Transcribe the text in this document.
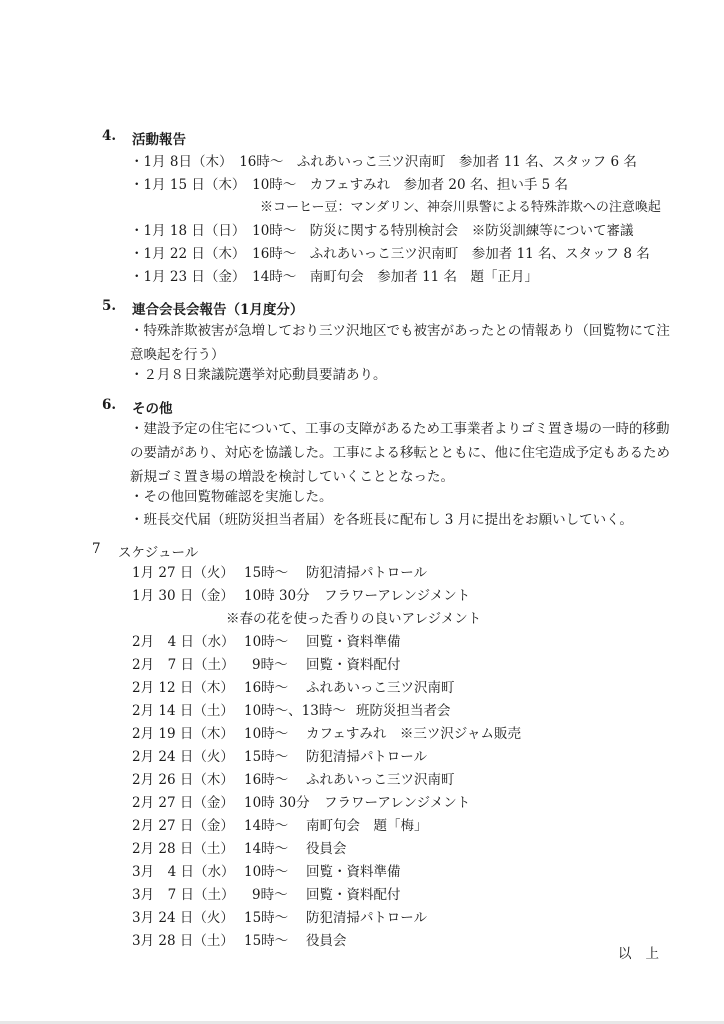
4. 活動報告
・1月 8日（木）　16時～　ふれあいっこ三ツ沢南町　参加者 11 名、スタッフ 6 名
・1月 15 日（木）　10時～　カフェすみれ　参加者 20 名、担い手 5 名
※コーヒー豆：マンダリン、神奈川県警による特殊詐欺への注意喚起
・1月 18 日（日）　10時～　防災に関する特別検討会　※防災訓練等について審議
・1月 22 日（木）　16時～　ふれあいっこ三ツ沢南町　参加者 11 名、スタッフ 8 名
・1月 23 日（金）　14時～　南町句会　参加者 11 名　題「正月」
5. 連合会長会報告（1月度分）
・特殊詐欺被害が急増しており三ツ沢地区でも被害があったとの情報あり（回覧物にて注意喚起を行う）
・２月８日衆議院選挙対応動員要請あり。
6. その他
・建設予定の住宅について、工事の支障があるため工事業者よりゴミ置き場の一時的移動の要請があり、対応を協議した。工事による移転とともに、他に住宅造成予定もあるため新規ゴミ置き場の増設を検討していくこととなった。
・その他回覧物確認を実施した。
・班長交代届（班防災担当者届）を各班長に配布し 3 月に提出をお願いしていく。
7 スケジュール
1月 27 日（火） 15時～ 防犯清掃パトロール
1月 30 日（金） 10時 30分 フラワーアレンジメント
※春の花を使った香りの良いアレジメント
2月　4 日（水） 10時～ 回覧・資料準備
2月　7 日（土） 9時～ 回覧・資料配付
2月 12 日（木） 16時～ ふれあいっこ三ツ沢南町
2月 14 日（土） 10時～、13時～ 班防災担当者会
2月 19 日（木） 10時～ カフェすみれ　※三ツ沢ジャム販売
2月 24 日（火） 15時～ 防犯清掃パトロール
2月 26 日（木） 16時～ ふれあいっこ三ツ沢南町
2月 27 日（金） 10時 30分 フラワーアレンジメント
2月 27 日（金） 14時～ 南町句会　題「梅」
2月 28 日（土） 14時～ 役員会
3月　4 日（水） 10時～ 回覧・資料準備
3月　7 日（土） 9時～ 回覧・資料配付
3月 24 日（火） 15時～ 防犯清掃パトロール
3月 28 日（土） 15時～ 役員会
以上
